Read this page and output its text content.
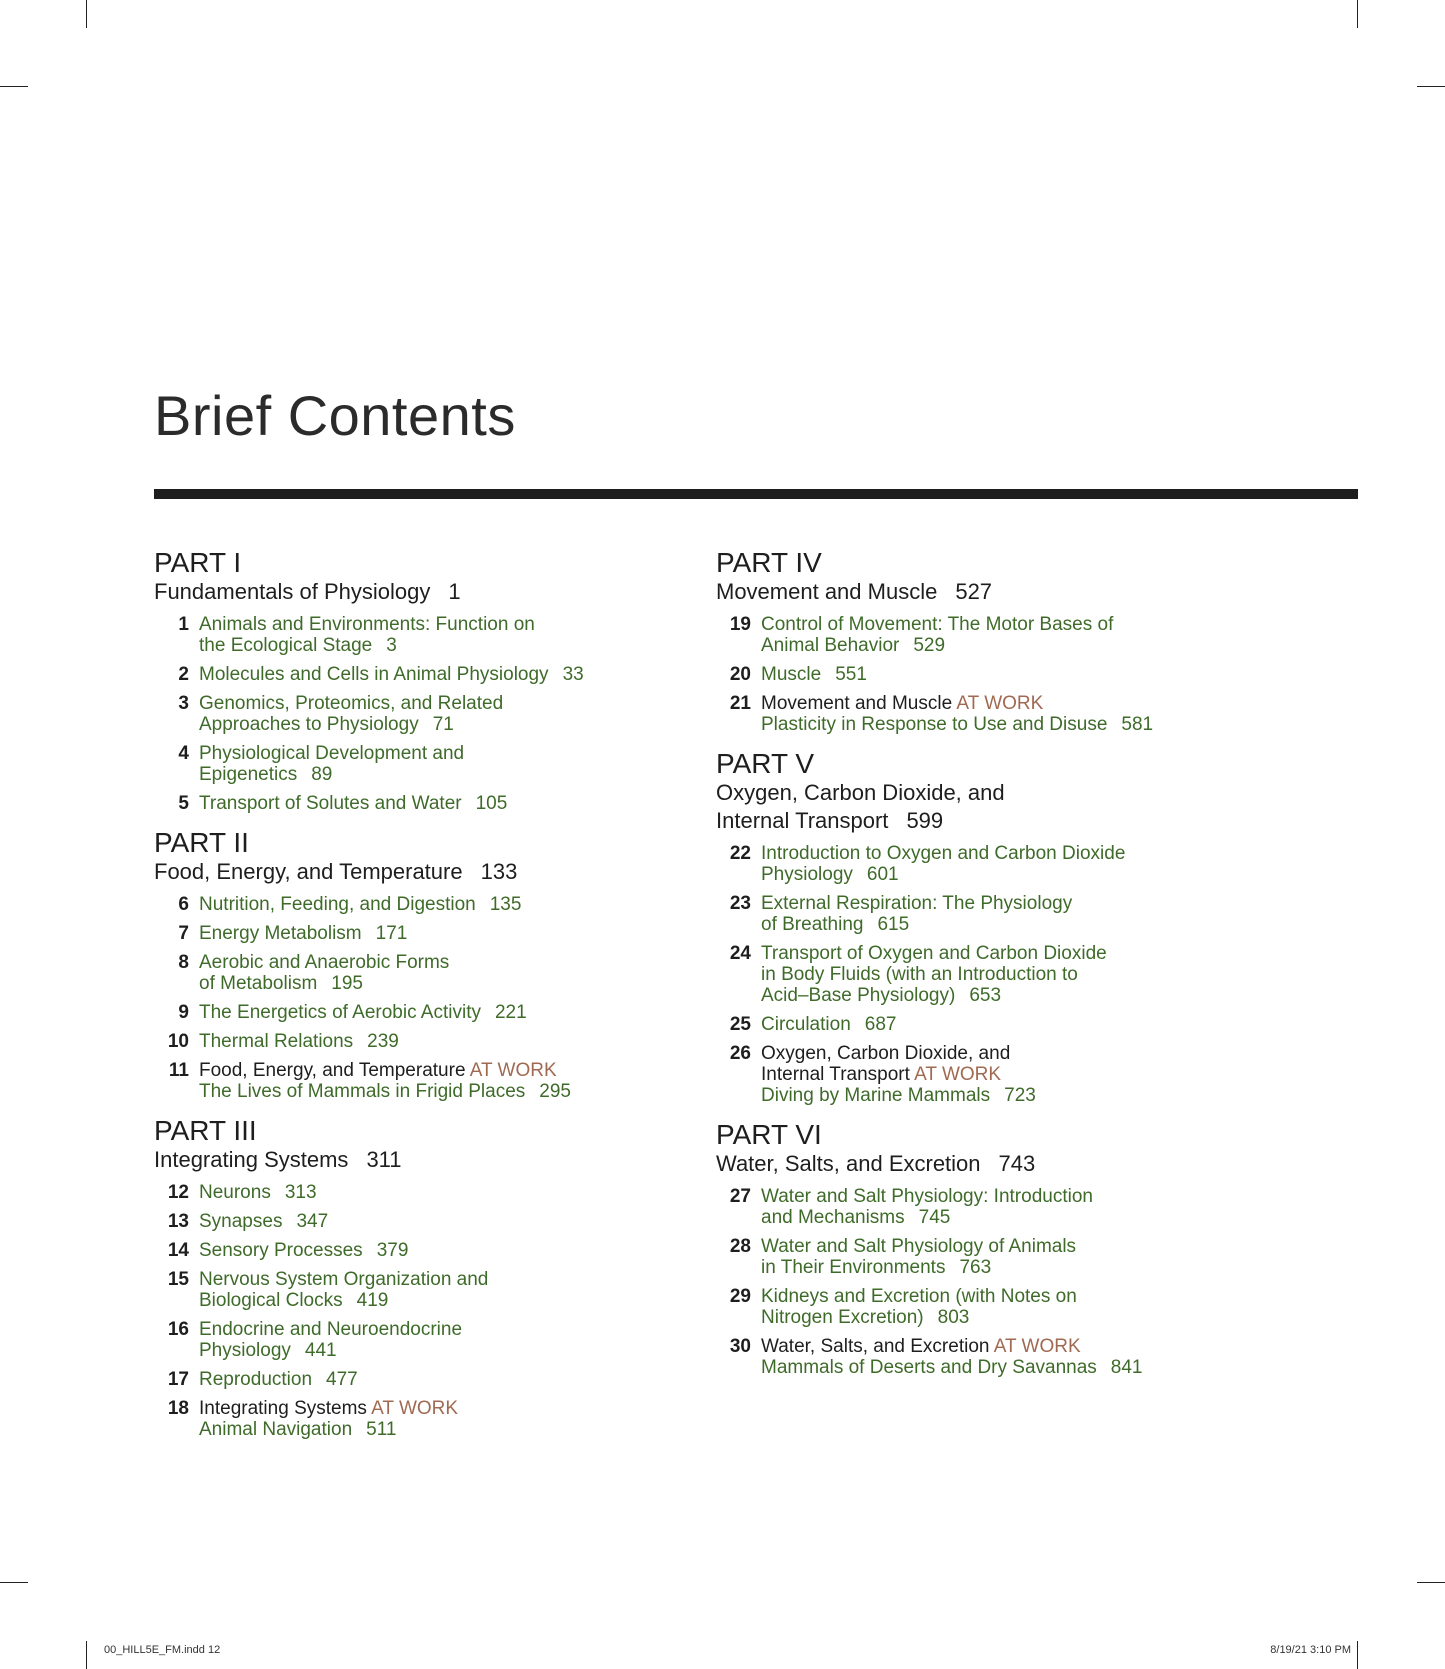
Brief Contents
PART I
Fundamentals of Physiology 1
1 Animals and Environments: Function on
the Ecological Stage 3
2 Molecules and Cells in Animal Physiology 33
3 Genomics, Proteomics, and Related
Approaches to Physiology 71
4 Physiological Development and
Epigenetics 89
5 Transport of Solutes and Water 105
PART II
Food, Energy, and Temperature 133
6 Nutrition, Feeding, and Digestion 135
7 Energy Metabolism 171
8 Aerobic and Anaerobic Forms
of Metabolism 195
9 The Energetics of Aerobic Activity 221
10 Thermal Relations 239
11 Food, Energy, and Temperature AT WORK
The Lives of Mammals in Frigid Places 295
PART III
Integrating Systems 311
12 Neurons 313
13 Synapses 347
14 Sensory Processes 379
15 Nervous System Organization and
Biological Clocks 419
16 Endocrine and Neuroendocrine
Physiology 441
17 Reproduction 477
18 Integrating Systems AT WORK
Animal Navigation 511
PART IV
Movement and Muscle 527
19 Control of Movement: The Motor Bases of
Animal Behavior 529
20 Muscle 551
21 Movement and Muscle AT WORK
Plasticity in Response to Use and Disuse 581
PART V
Oxygen, Carbon Dioxide, and
Internal Transport 599
22 Introduction to Oxygen and Carbon Dioxide
Physiology 601
23 External Respiration: The Physiology
of Breathing 615
24 Transport of Oxygen and Carbon Dioxide
in Body Fluids (with an Introduction to
Acid–Base Physiology) 653
25 Circulation 687
26 Oxygen, Carbon Dioxide, and
Internal Transport AT WORK
Diving by Marine Mammals 723
PART VI
Water, Salts, and Excretion 743
27 Water and Salt Physiology: Introduction
and Mechanisms 745
28 Water and Salt Physiology of Animals
in Their Environments 763
29 Kidneys and Excretion (with Notes on
Nitrogen Excretion) 803
30 Water, Salts, and Excretion AT WORK
Mammals of Deserts and Dry Savannas 841
00_HILL5E_FM.indd 12	8/19/21 3:10 PM
